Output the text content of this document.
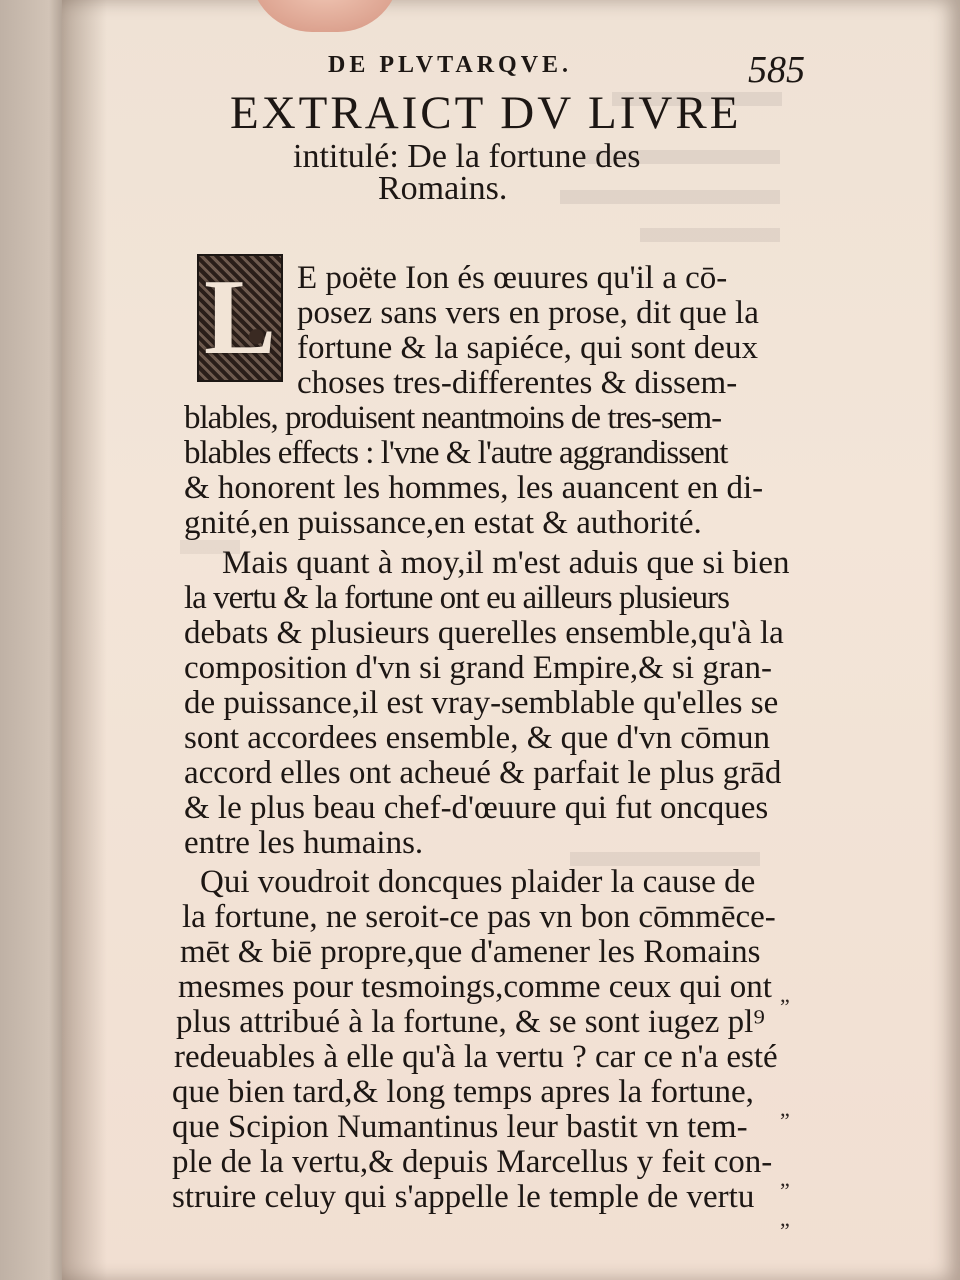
DE PLVTARQVE.	585

EXTRAICT DV LIVRE

intitulé: De la fortune des

Romains.

L E poëte Ion és œuures qu'il a cō-

posez sans vers en prose, dit que la

fortune & la sapiéce, qui sont deux

choses tres-differentes & dissem-

blables, produisent neantmoins de tres-sem-

blables effects : l'vne & l'autre aggrandissent

& honorent les hommes, les auancent en di-

gnité,en puissance,en estat & authorité.

Mais quant à moy,il m'est aduis que si bien

la vertu & la fortune ont eu ailleurs plusieurs

debats & plusieurs querelles ensemble,qu'à la

composition d'vn si grand Empire,& si gran-

de puissance,il est vray-semblable qu'elles se

sont accordees ensemble, & que d'vn cōmun

accord elles ont acheué & parfait le plus grād

& le plus beau chef-d'œuure qui fut oncques

entre les humains.

Qui voudroit doncques plaider la cause de

la fortune, ne seroit-ce pas vn bon cōmmēce-

mēt & biē propre,que d'amener les Romains

mesmes pour tesmoings,comme ceux qui ont

plus attribué à la fortune, & se sont iugez pl⁹

redeuables à elle qu'à la vertu ? car ce n'a esté

que bien tard,& long temps apres la fortune,

que Scipion Numantinus leur bastit vn tem-

ple de la vertu,& depuis Marcellus y feit con-

struire celuy qui s'appelle le temple de vertu

„
„
„
„
